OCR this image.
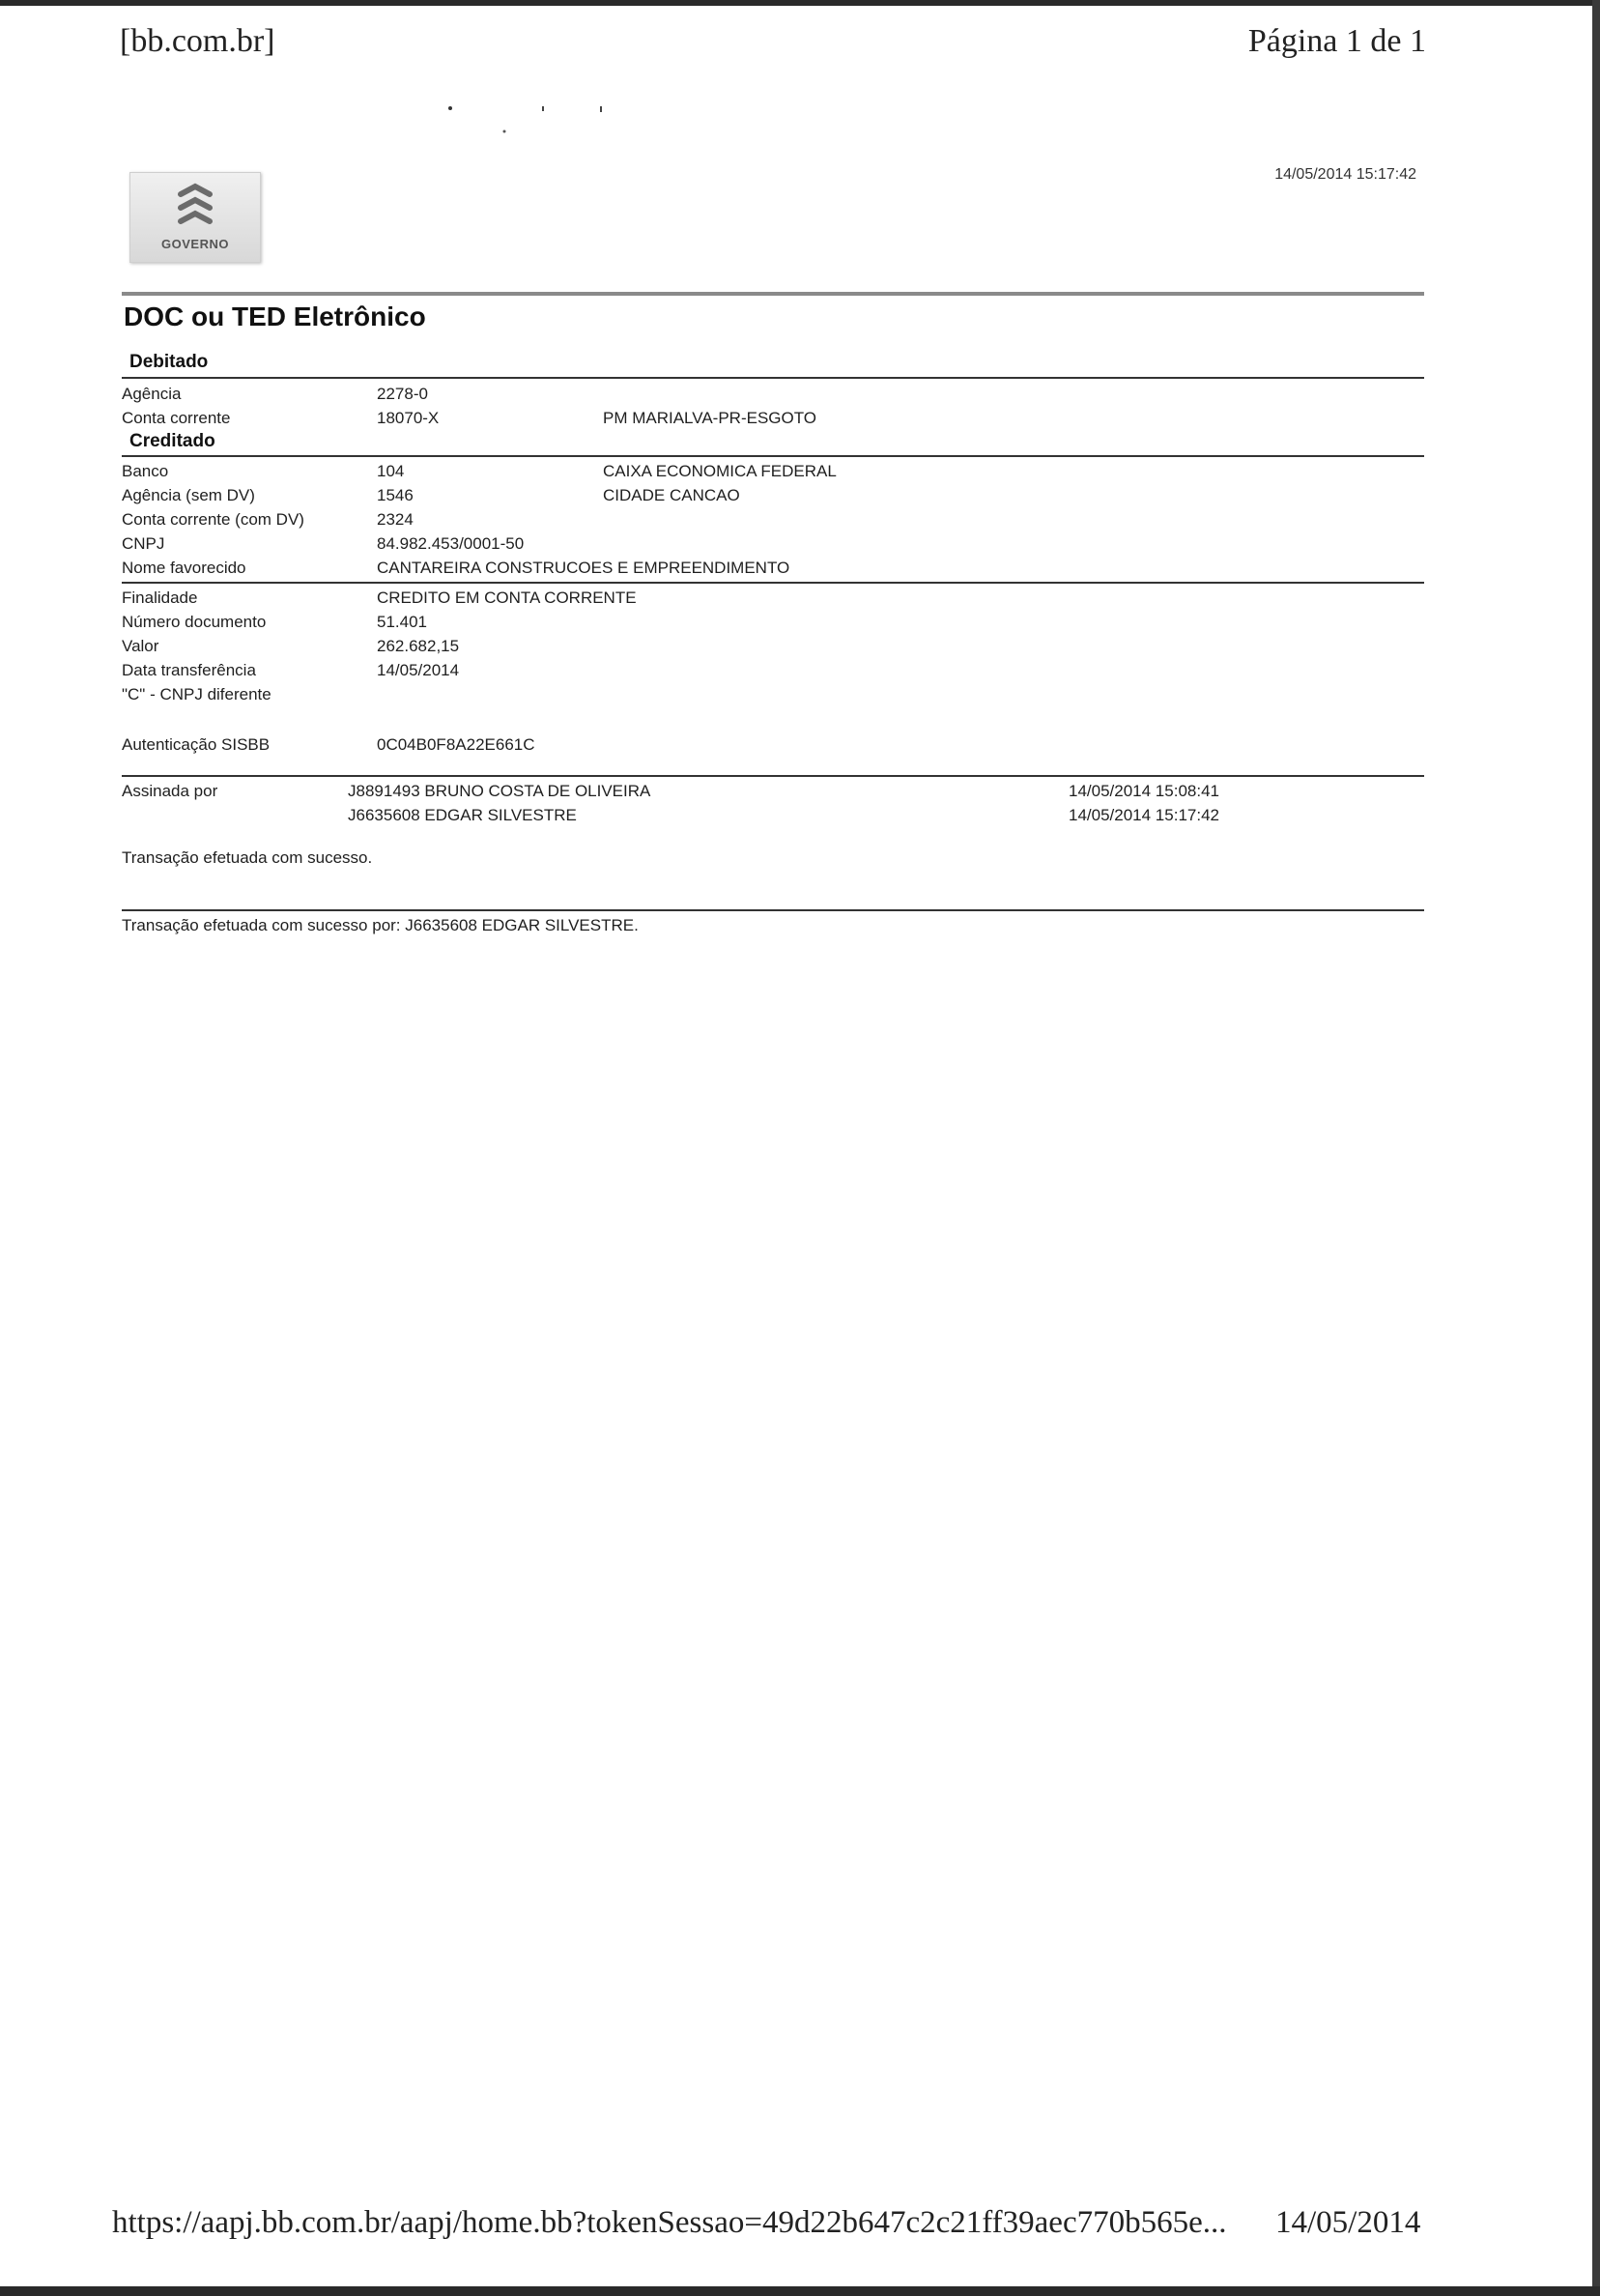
[bb.com.br]	Página 1 de 1
14/05/2014 15:17:42
GOVERNO
DOC ou TED Eletrônico
Debitado
Agência	2278-0
Conta corrente	18070-X	PM MARIALVA-PR-ESGOTO
Creditado
Banco	104	CAIXA ECONOMICA FEDERAL
Agência (sem DV)	1546	CIDADE CANCAO
Conta corrente (com DV)	2324
CNPJ	84.982.453/0001-50
Nome favorecido	CANTAREIRA CONSTRUCOES E EMPREENDIMENTO
Finalidade	CREDITO EM CONTA CORRENTE
Número documento	51.401
Valor	262.682,15
Data transferência	14/05/2014
"C" - CNPJ diferente
Autenticação SISBB	0C04B0F8A22E661C
Assinada por	J8891493 BRUNO COSTA DE OLIVEIRA	14/05/2014 15:08:41
J6635608 EDGAR SILVESTRE	14/05/2014 15:17:42
Transação efetuada com sucesso.
Transação efetuada com sucesso por: J6635608 EDGAR SILVESTRE.
https://aapj.bb.com.br/aapj/home.bb?tokenSessao=49d22b647c2c21ff39aec770b565e... 14/05/2014
